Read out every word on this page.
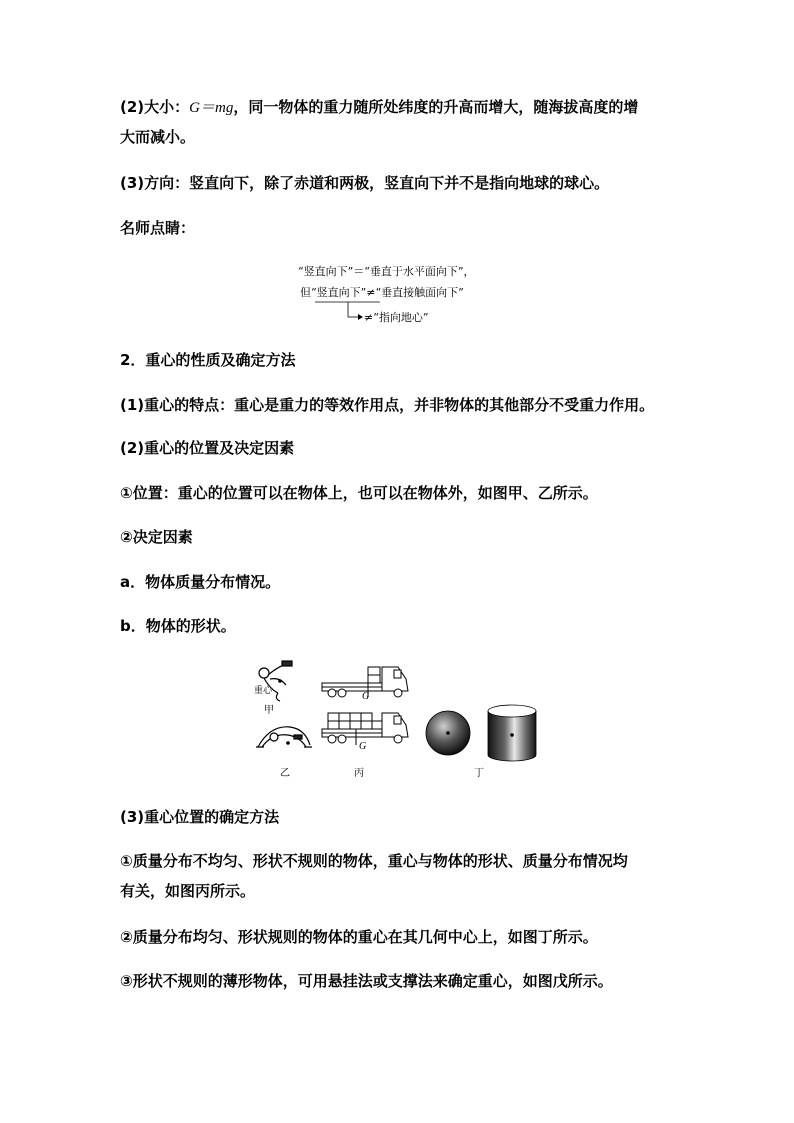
(2)大小：G＝mg，同一物体的重力随所处纬度的升高而增大，随海拔高度的增
大而减小。
(3)方向：竖直向下，除了赤道和两极，竖直向下并不是指向地球的球心。
名师点睛：
“竖直向下”＝“垂直于水平面向下”，
但“竖直向下”≠“垂直接触面向下”
≠“指向地心”
2．重心的性质及确定方法
(1)重心的特点：重心是重力的等效作用点，并非物体的其他部分不受重力作用。
(2)重心的位置及决定因素
①位置：重心的位置可以在物体上，也可以在物体外，如图甲、乙所示。
②决定因素
a．物体质量分布情况。
b．物体的形状。
重心
甲
G
G
乙	丙	丁
(3)重心位置的确定方法
①质量分布不均匀、形状不规则的物体，重心与物体的形状、质量分布情况均
有关，如图丙所示。
②质量分布均匀、形状规则的物体的重心在其几何中心上，如图丁所示。
③形状不规则的薄形物体，可用悬挂法或支撑法来确定重心，如图戊所示。
